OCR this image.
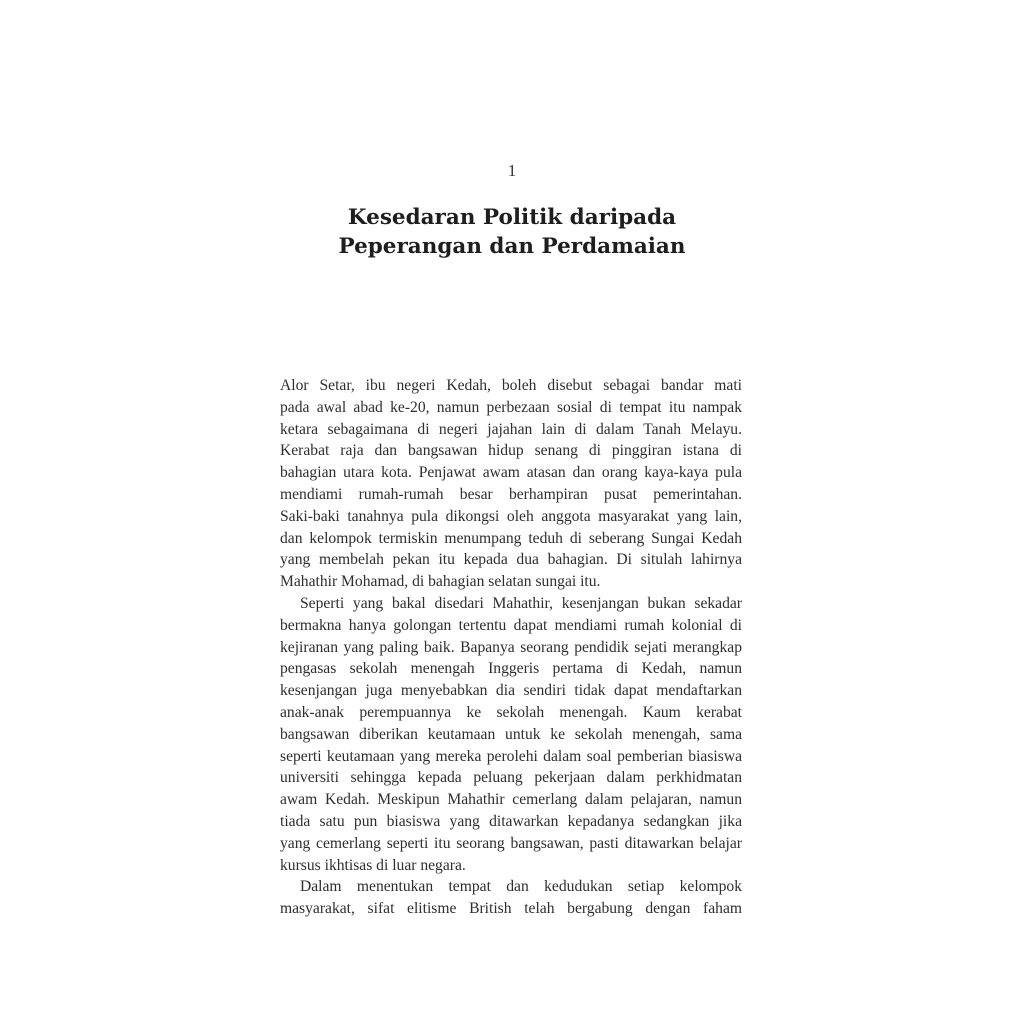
1
Kesedaran Politik daripada
Peperangan dan Perdamaian
Alor Setar, ibu negeri Kedah, boleh disebut sebagai bandar mati
pada awal abad ke-20, namun perbezaan sosial di tempat itu nampak
ketara sebagaimana di negeri jajahan lain di dalam Tanah Melayu.
Kerabat raja dan bangsawan hidup senang di pinggiran istana di
bahagian utara kota. Penjawat awam atasan dan orang kaya-kaya pula
mendiami rumah-rumah besar berhampiran pusat pemerintahan.
Saki-baki tanahnya pula dikongsi oleh anggota masyarakat yang lain,
dan kelompok termiskin menumpang teduh di seberang Sungai Kedah
yang membelah pekan itu kepada dua bahagian. Di situlah lahirnya
Mahathir Mohamad, di bahagian selatan sungai itu.
Seperti yang bakal disedari Mahathir, kesenjangan bukan sekadar
bermakna hanya golongan tertentu dapat mendiami rumah kolonial di
kejiranan yang paling baik. Bapanya seorang pendidik sejati merangkap
pengasas sekolah menengah Inggeris pertama di Kedah, namun
kesenjangan juga menyebabkan dia sendiri tidak dapat mendaftarkan
anak-anak perempuannya ke sekolah menengah. Kaum kerabat
bangsawan diberikan keutamaan untuk ke sekolah menengah, sama
seperti keutamaan yang mereka perolehi dalam soal pemberian biasiswa
universiti sehingga kepada peluang pekerjaan dalam perkhidmatan
awam Kedah. Meskipun Mahathir cemerlang dalam pelajaran, namun
tiada satu pun biasiswa yang ditawarkan kepadanya sedangkan jika
yang cemerlang seperti itu seorang bangsawan, pasti ditawarkan belajar
kursus ikhtisas di luar negara.
Dalam menentukan tempat dan kedudukan setiap kelompok
masyarakat, sifat elitisme British telah bergabung dengan faham
